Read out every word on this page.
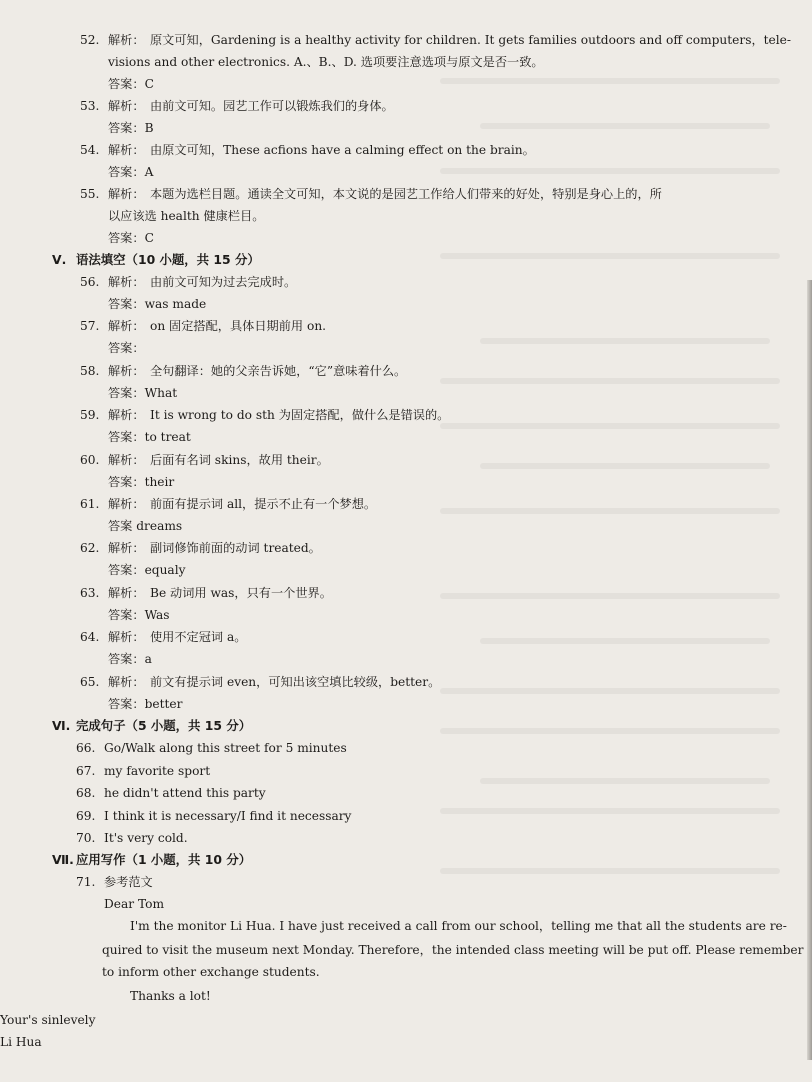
52. 解析： 原文可知，Gardening is a healthy activity for children. It gets families outdoors and off computers，tele-
visions and other electronics. A.、B.、D. 选项要注意选项与原文是否一致。
答案：C
53. 解析： 由前文可知。园艺工作可以锻炼我们的身体。
答案：B
54. 解析： 由原文可知，These acfions have a calming effect on the brain。
答案：A
55. 解析： 本题为选栏目题。通读全文可知，本文说的是园艺工作给人们带来的好处，特别是身心上的，所
以应该选 health 健康栏目。
答案：C
Ⅴ. 语法填空（10 小题，共 15 分）
56. 解析： 由前文可知为过去完成时。
答案：was made
57. 解析： on 固定搭配，具体日期前用 on.
答案：
58. 解析： 全句翻译：她的父亲告诉她，“它”意味着什么。
答案：What
59. 解析： It is wrong to do sth 为固定搭配，做什么是错误的。
答案：to treat
60. 解析： 后面有名词 skins，故用 their。
答案：their
61. 解析： 前面有提示词 all，提示不止有一个梦想。
答案 dreams
62. 解析： 副词修饰前面的动词 treated。
答案：equaly
63. 解析： Be 动词用 was，只有一个世界。
答案：Was
64. 解析： 使用不定冠词 a。
答案：a
65. 解析： 前文有提示词 even，可知出该空填比较级，better。
答案：better
Ⅵ. 完成句子（5 小题，共 15 分）
66. Go/Walk along this street for 5 minutes
67. my favorite sport
68. he didn't attend this party
69. I think it is necessary/I find it necessary
70. It's very cold.
Ⅶ. 应用写作（1 小题，共 10 分）
71. 参考范文
Dear Tom
I'm the monitor Li Hua. I have just received a call from our school，telling me that all the students are re-
quired to visit the museum next Monday. Therefore，the intended class meeting will be put off. Please remember
to inform other exchange students.
Thanks a lot!
Your's sinlevely
Li Hua
